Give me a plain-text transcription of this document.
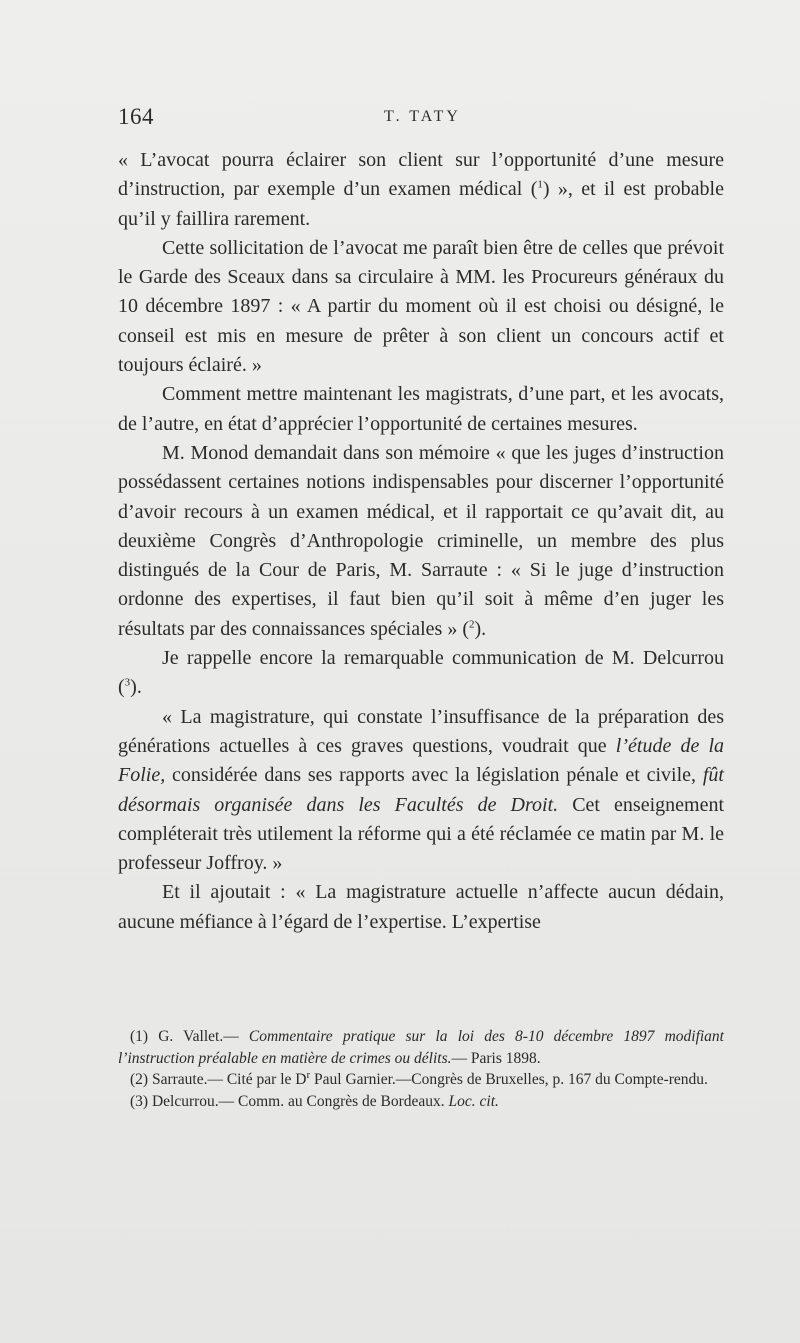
164	T. TATY

« L’avocat pourra éclairer son client sur l’opportunité d’une mesure d’instruction, par exemple d’un examen médical ($^1$) », et il est probable qu’il y faillira rarement.

Cette sollicitation de l’avocat me paraît bien être de celles que prévoit le Garde des Sceaux dans sa circulaire à MM. les Procureurs généraux du 10 décembre 1897 : « A partir du moment où il est choisi ou désigné, le conseil est mis en mesure de prêter à son client un concours actif et toujours éclairé. »

Comment mettre maintenant les magistrats, d’une part, et les avocats, de l’autre, en état d’apprécier l’opportunité de certaines mesures.

M. Monod demandait dans son mémoire « que les juges d’instruction possédassent certaines notions indispensables pour discerner l’opportunité d’avoir recours à un examen médical, et il rapportait ce qu’avait dit, au deuxième Congrès d’Anthropologie criminelle, un membre des plus distingués de la Cour de Paris, M. Sarraute : « Si le juge d’instruction ordonne des expertises, il faut bien qu’il soit à même d’en juger les résultats par des connaissances spéciales » ($^2$).

Je rappelle encore la remarquable communication de M. Delcurrou ($^3$).

« La magistrature, qui constate l’insuffisance de la préparation des générations actuelles à ces graves questions, voudrait que l’étude de la Folie, considérée dans ses rapports avec la législation pénale et civile, fût désormais organisée dans les Facultés de Droit. Cet enseignement compléterait très utilement la réforme qui a été réclamée ce matin par M. le professeur Joffroy. »

Et il ajoutait : « La magistrature actuelle n’affecte aucun dédain, aucune méfiance à l’égard de l’expertise. L’expertise

(1) G. Vallet.— Commentaire pratique sur la loi des 8-10 décembre 1897 modifiant l’instruction préalable en matière de crimes ou délits.— Paris 1898.

(2) Sarraute.— Cité par le $D^r$ Paul Garnier.—Congrès de Bruxelles, p. 167 du Compte-rendu.

(3) Delcurrou.— Comm. au Congrès de Bordeaux. Loc. cit.
